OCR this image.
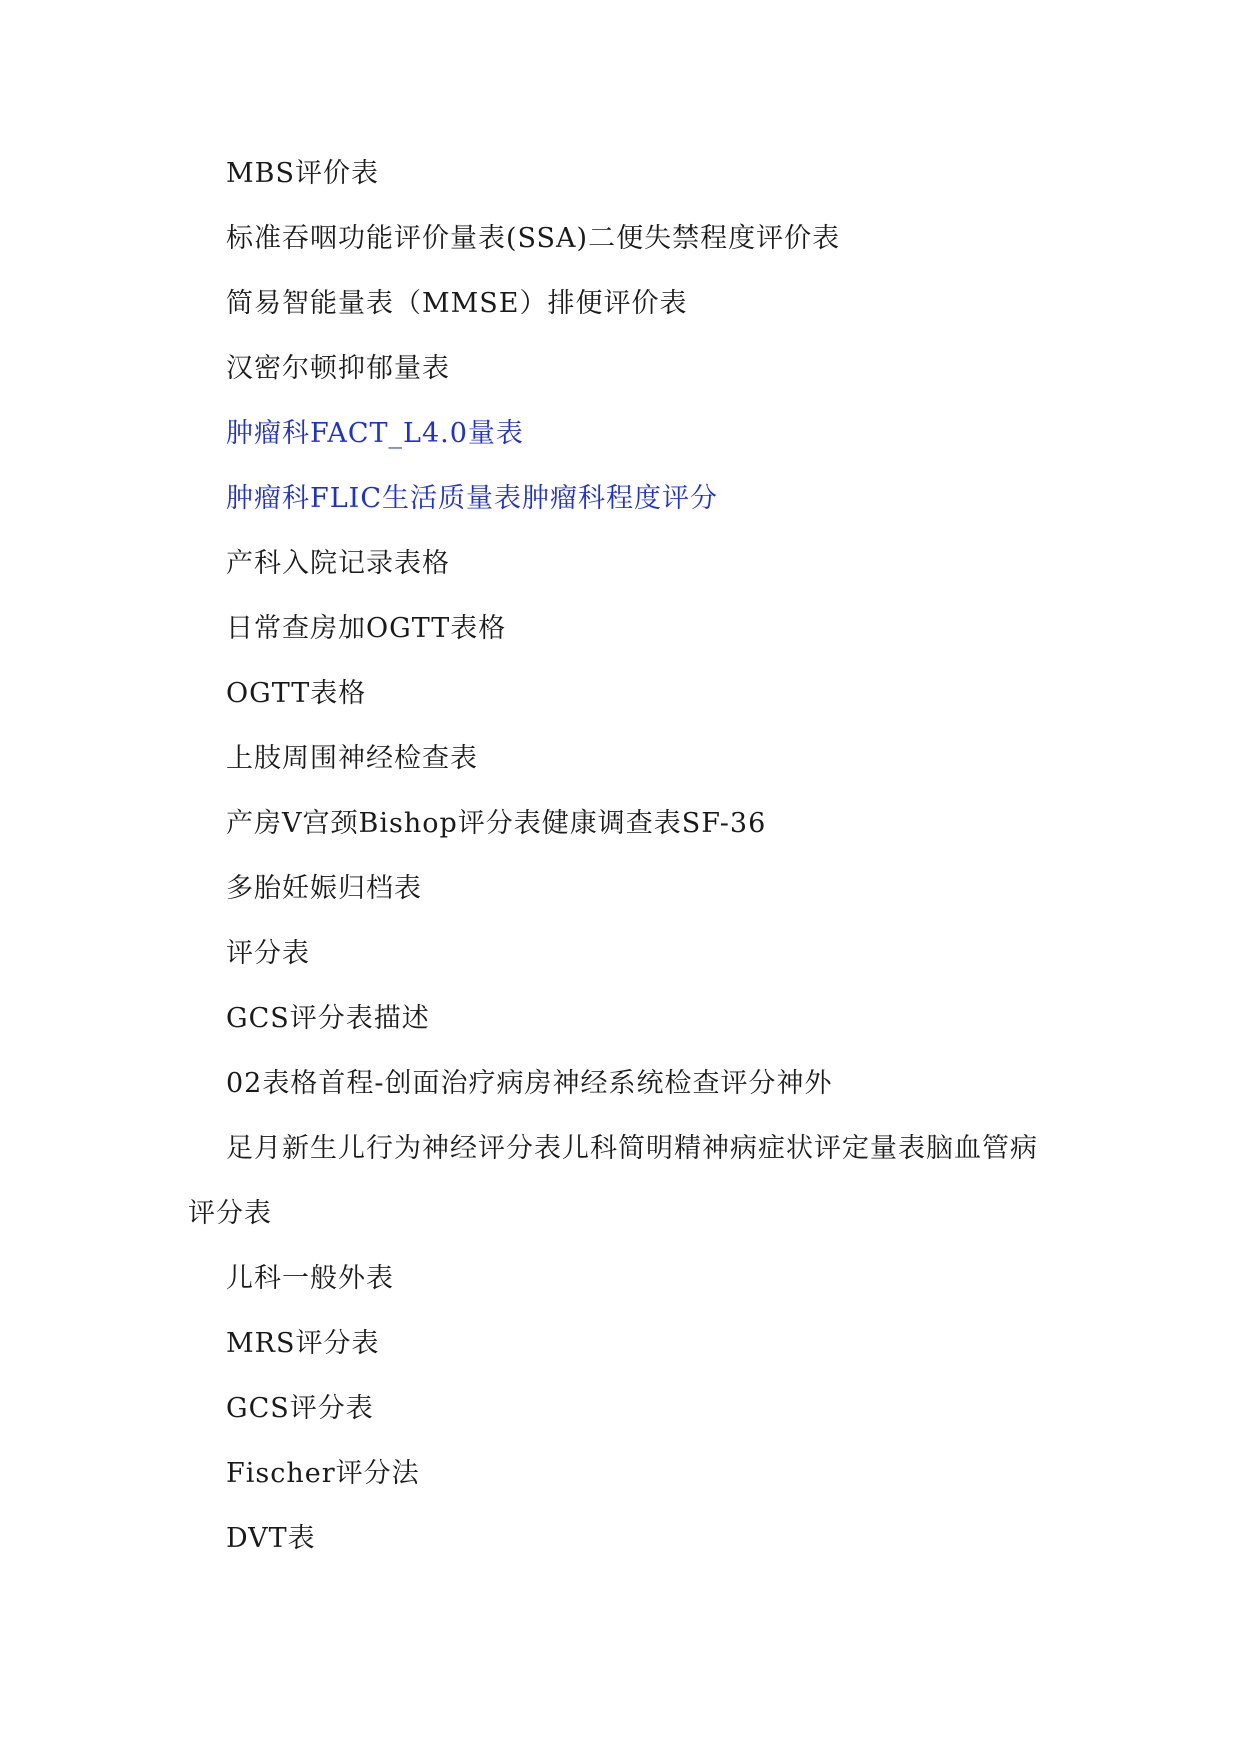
MBS评价表
标准吞咽功能评价量表(SSA)二便失禁程度评价表
简易智能量表（MMSE）排便评价表
汉密尔顿抑郁量表
肿瘤科FACT_L4.0量表
肿瘤科FLIC生活质量表肿瘤科程度评分
产科入院记录表格
日常查房加OGTT表格
OGTT表格
上肢周围神经检查表
产房V宫颈Bishop评分表健康调查表SF-36
多胎妊娠归档表
评分表
GCS评分表描述
02表格首程-创面治疗病房神经系统检查评分神外
足月新生儿行为神经评分表儿科简明精神病症状评定量表脑血管病评分表
儿科一般外表
MRS评分表
GCS评分表
Fischer评分法
DVT表
